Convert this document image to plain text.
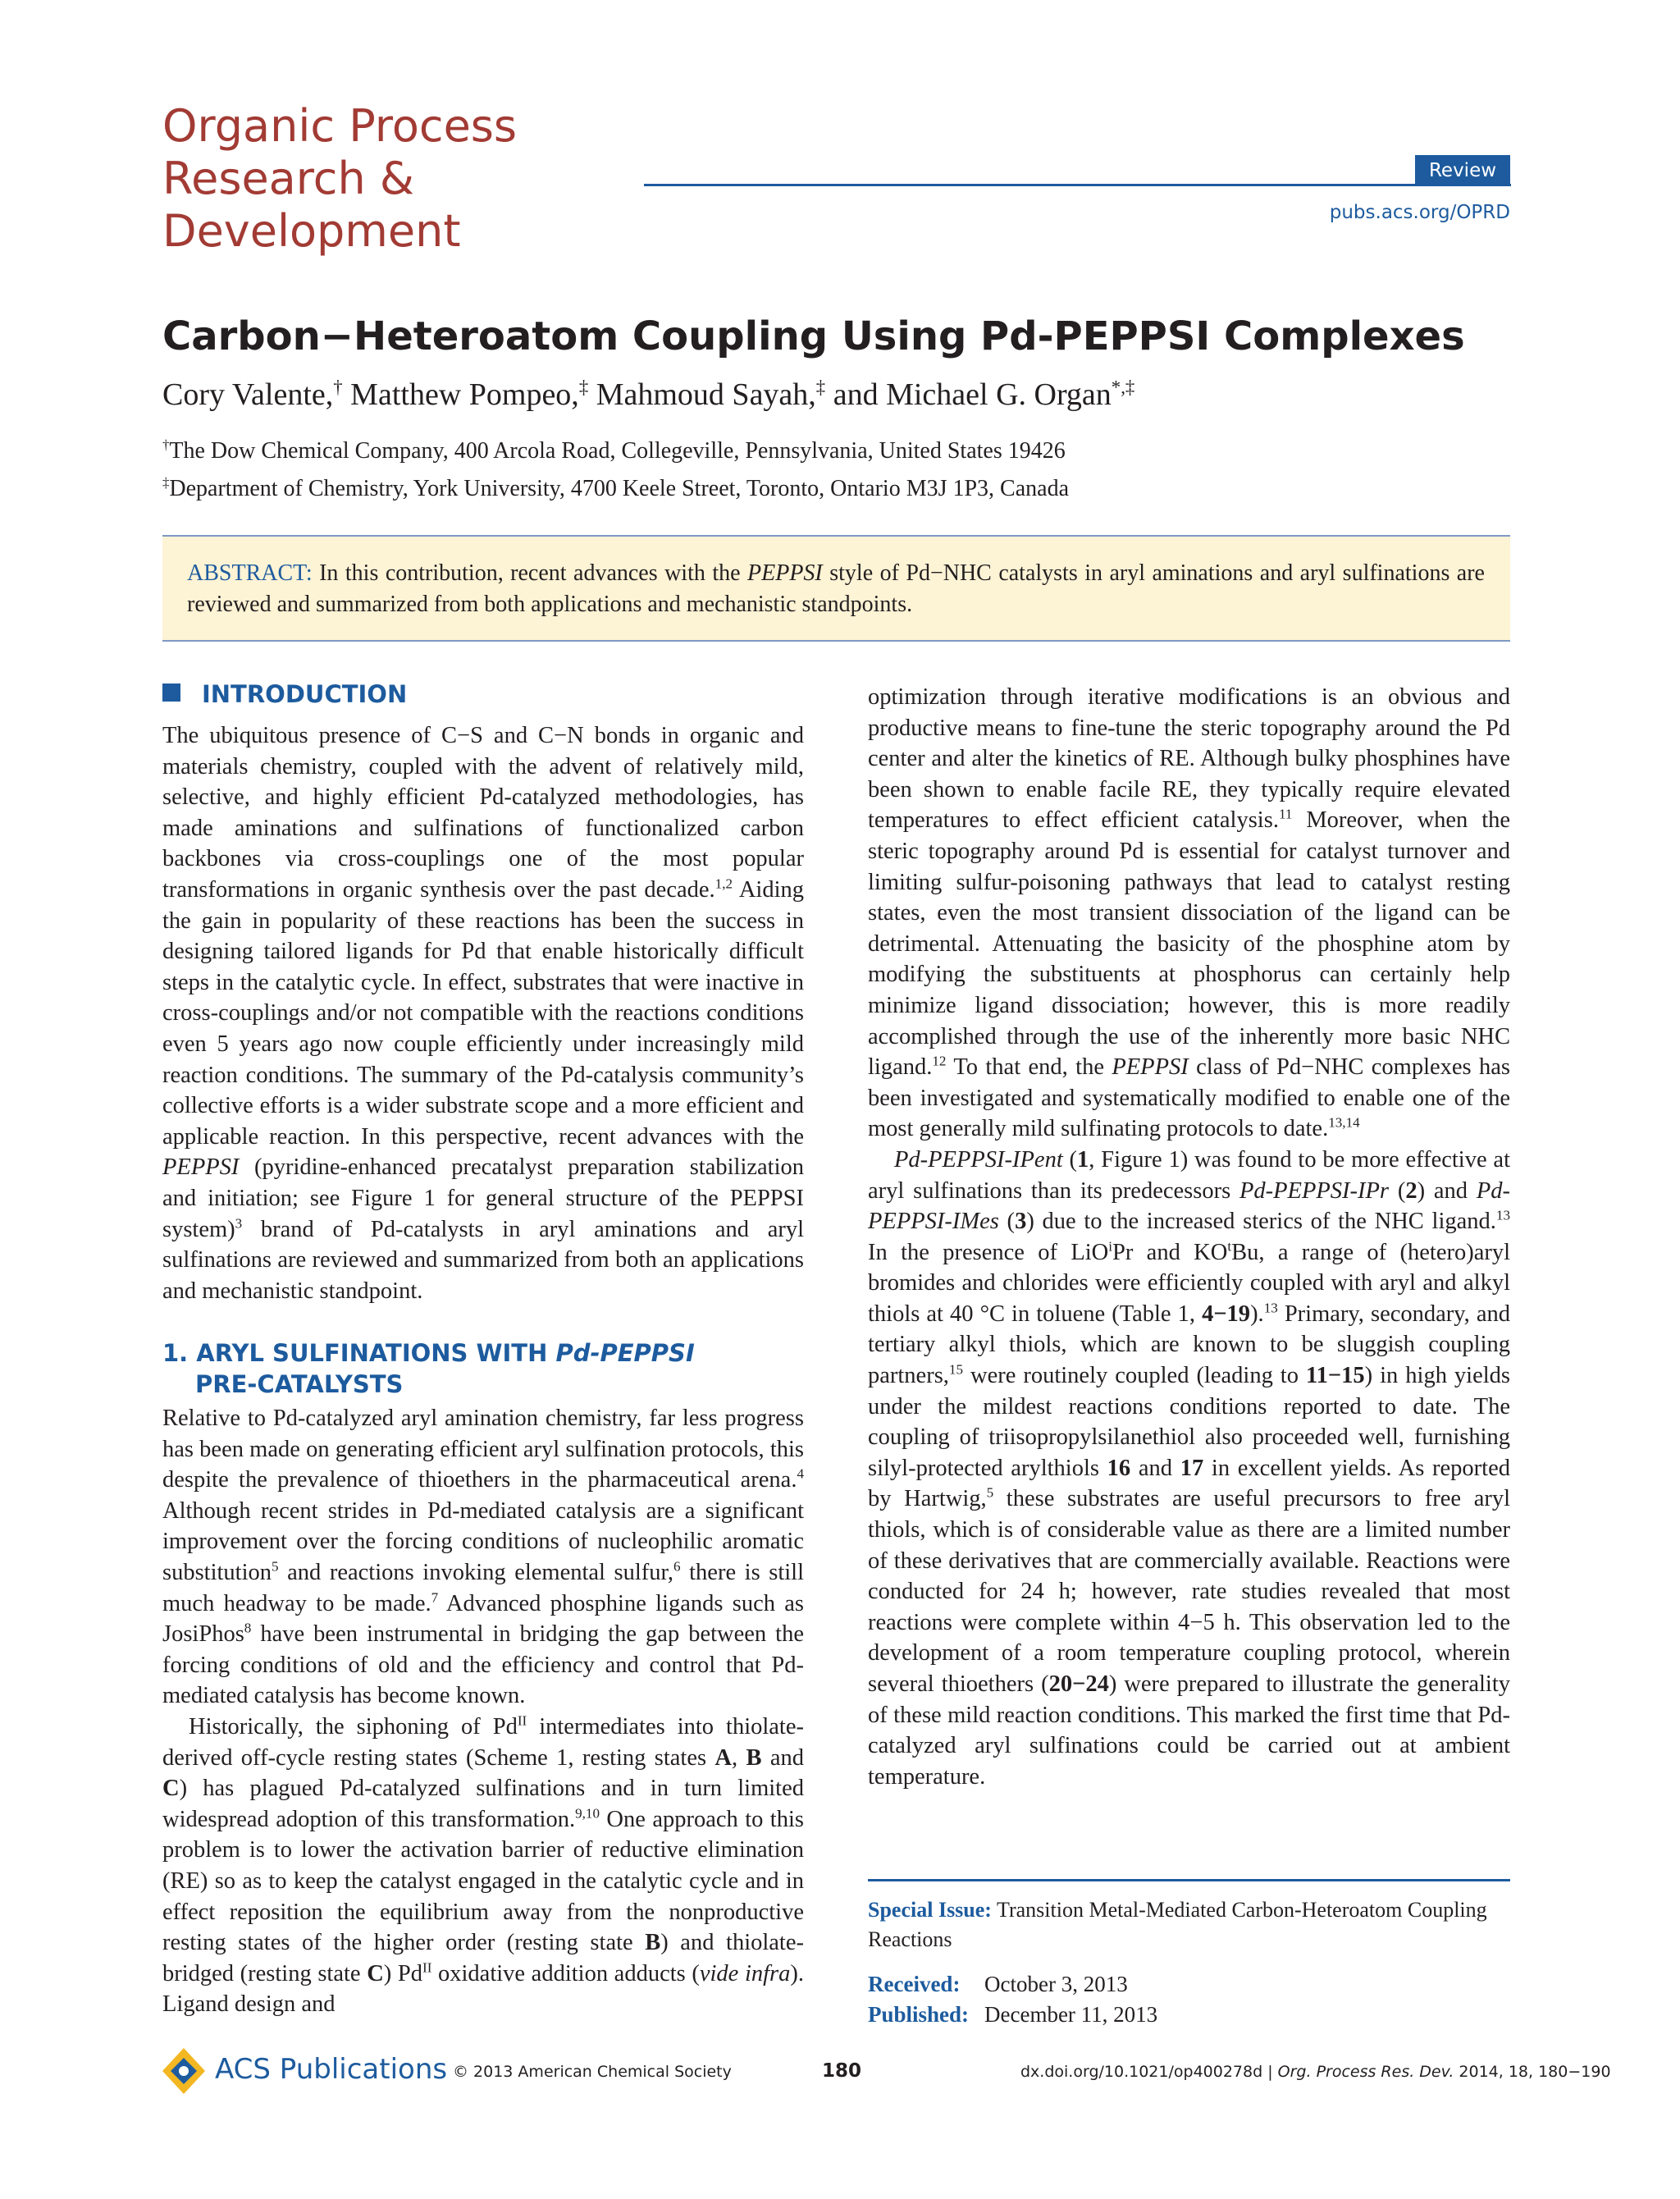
Organic Process
Research &
Development
Review
pubs.acs.org/OPRD
Carbon−Heteroatom Coupling Using Pd-PEPPSI Complexes
Cory Valente,† Matthew Pompeo,‡ Mahmoud Sayah,‡ and Michael G. Organ*,‡
†The Dow Chemical Company, 400 Arcola Road, Collegeville, Pennsylvania, United States 19426
‡Department of Chemistry, York University, 4700 Keele Street, Toronto, Ontario M3J 1P3, Canada
ABSTRACT: In this contribution, recent advances with the PEPPSI style of Pd−NHC catalysts in aryl aminations and aryl sulfinations are reviewed and summarized from both applications and mechanistic standpoints.
INTRODUCTION

The ubiquitous presence of C−S and C−N bonds in organic and materials chemistry, coupled with the advent of relatively mild, selective, and highly efficient Pd-catalyzed methodologies, has made aminations and sulfinations of functionalized carbon backbones via cross-couplings one of the most popular transformations in organic synthesis over the past decade.$^{1,2}$ Aiding the gain in popularity of these reactions has been the success in designing tailored ligands for Pd that enable historically difficult steps in the catalytic cycle. In effect, substrates that were inactive in cross-couplings and/or not compatible with the reactions conditions even 5 years ago now couple efficiently under increasingly mild reaction conditions. The summary of the Pd-catalysis community’s collective efforts is a wider substrate scope and a more efficient and applicable reaction. In this perspective, recent advances with the PEPPSI (pyridine-enhanced precatalyst preparation stabilization and initiation; see Figure 1 for general structure of the PEPPSI system)$^3$ brand of Pd-catalysts in aryl aminations and aryl sulfinations are reviewed and summarized from both an applications and mechanistic standpoint.

1. ARYL SULFINATIONS WITH Pd-PEPPSI
PRE-CATALYSTS

Relative to Pd-catalyzed aryl amination chemistry, far less progress has been made on generating efficient aryl sulfination protocols, this despite the prevalence of thioethers in the pharmaceutical arena.$^4$ Although recent strides in Pd-mediated catalysis are a significant improvement over the forcing conditions of nucleophilic aromatic substitution$^5$ and reactions invoking elemental sulfur,$^6$ there is still much headway to be made.$^7$ Advanced phosphine ligands such as JosiPhos$^8$ have been instrumental in bridging the gap between the forcing conditions of old and the efficiency and control that Pd-mediated catalysis has become known.

Historically, the siphoning of $Pd^{II}$ intermediates into thiolate-derived off-cycle resting states (Scheme 1, resting states A, B and C) has plagued Pd-catalyzed sulfinations and in turn limited widespread adoption of this transformation.$^{9,10}$ One approach to this problem is to lower the activation barrier of reductive elimination (RE) so as to keep the catalyst engaged in the catalytic cycle and in effect reposition the equilibrium away from the nonproductive resting states of the higher order (resting state B) and thiolate-bridged (resting state C) $Pd^{II}$ oxidative addition adducts (vide infra). Ligand design and

optimization through iterative modifications is an obvious and productive means to fine-tune the steric topography around the Pd center and alter the kinetics of RE. Although bulky phosphines have been shown to enable facile RE, they typically require elevated temperatures to effect efficient catalysis.$^{11}$ Moreover, when the steric topography around Pd is essential for catalyst turnover and limiting sulfur-poisoning pathways that lead to catalyst resting states, even the most transient dissociation of the ligand can be detrimental. Attenuating the basicity of the phosphine atom by modifying the substituents at phosphorus can certainly help minimize ligand dissociation; however, this is more readily accomplished through the use of the inherently more basic NHC ligand.$^{12}$ To that end, the PEPPSI class of Pd−NHC complexes has been investigated and systematically modified to enable one of the most generally mild sulfinating protocols to date.$^{13,14}$

Pd-PEPPSI-IPent (1, Figure 1) was found to be more effective at aryl sulfinations than its predecessors Pd-PEPPSI-IPr (2) and Pd-PEPPSI-IMes (3) due to the increased sterics of the NHC ligand.$^{13}$ In the presence of LiO$^i$Pr and $KO^tBu$, a range of (hetero)aryl bromides and chlorides were efficiently coupled with aryl and alkyl thiols at 40 °C in toluene (Table 1, 4−19).$^{13}$ Primary, secondary, and tertiary alkyl thiols, which are known to be sluggish coupling partners,$^{15}$ were routinely coupled (leading to 11−15) in high yields under the mildest reactions conditions reported to date. The coupling of triisopropylsilanethiol also proceeded well, furnishing silyl-protected arylthiols 16 and 17 in excellent yields. As reported by Hartwig,$^5$ these substrates are useful precursors to free aryl thiols, which is of considerable value as there are a limited number of these derivatives that are commercially available. Reactions were conducted for 24 h; however, rate studies revealed that most reactions were complete within 4−5 h. This observation led to the development of a room temperature coupling protocol, wherein several thioethers (20−24) were prepared to illustrate the generality of these mild reaction conditions. This marked the first time that Pd-catalyzed aryl sulfinations could be carried out at ambient temperature.

Special Issue: Transition Metal-Mediated Carbon-Heteroatom Coupling Reactions
Received: October 3, 2013
Published: December 11, 2013
ACS Publications © 2013 American Chemical Society	180	dx.doi.org/10.1021/op400278d | Org. Process Res. Dev. 2014, 18, 180−190
